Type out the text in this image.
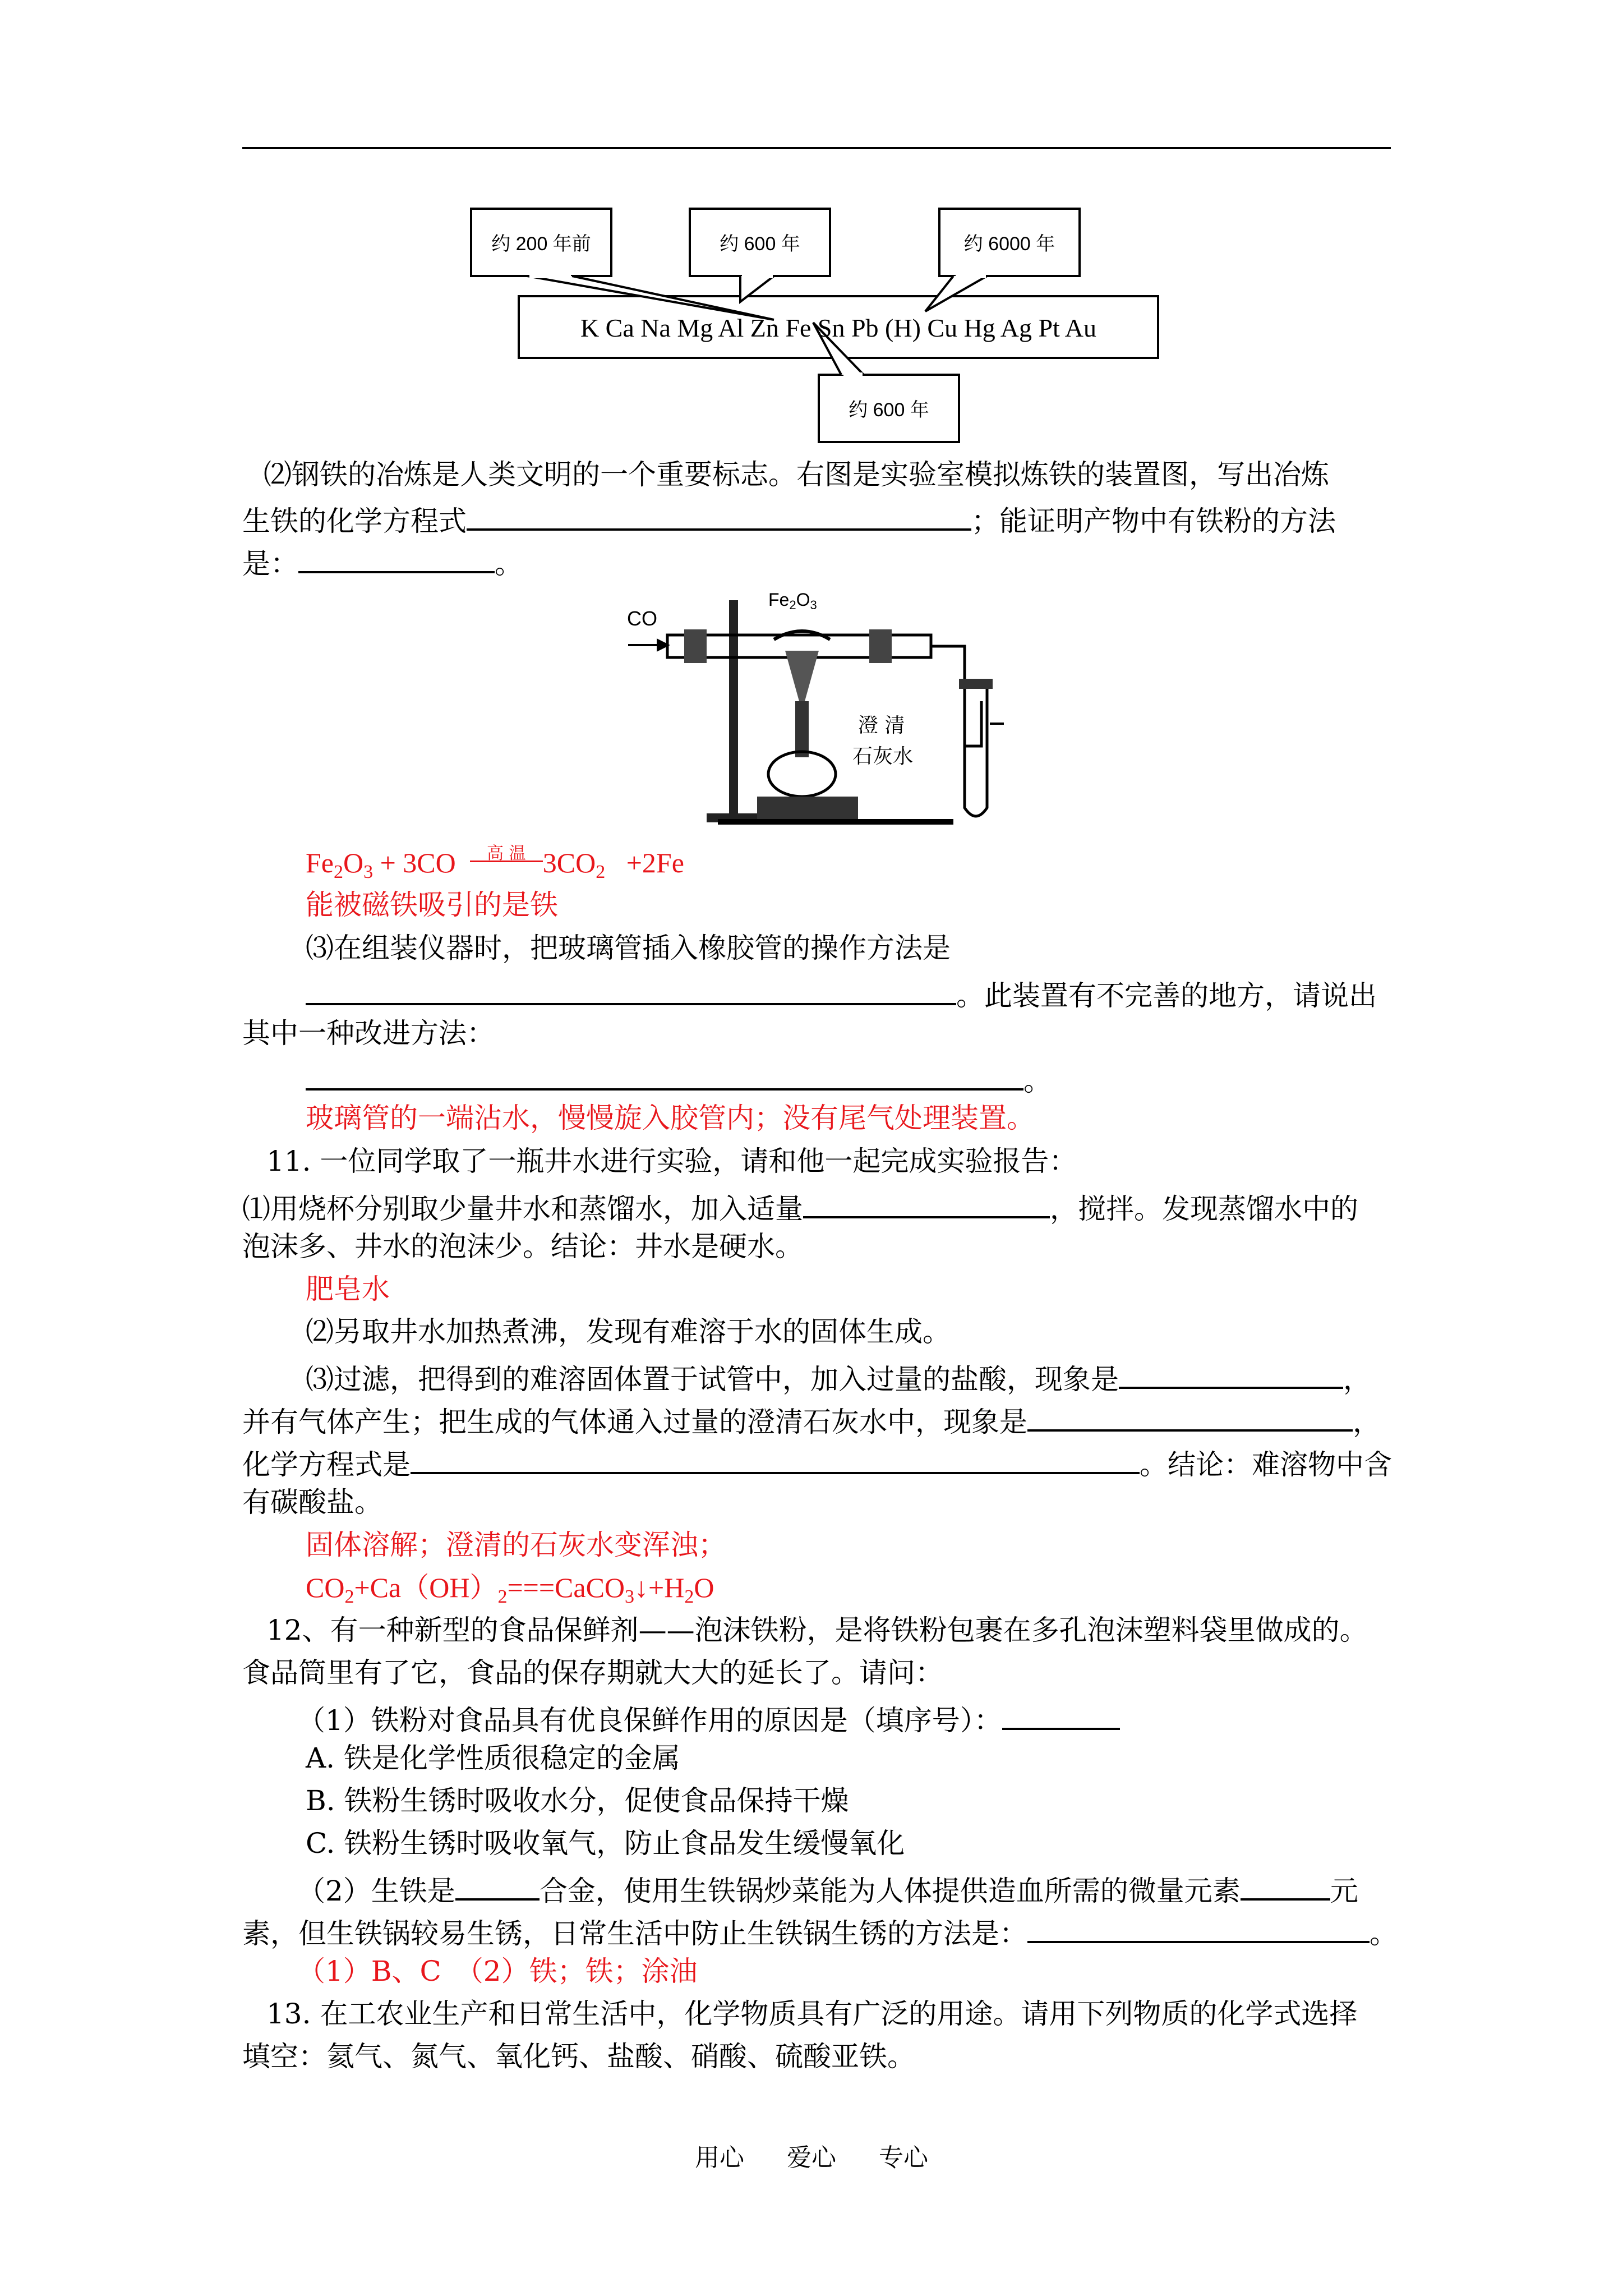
约 200 年前	约 600 年	约 6000 年
K Ca Na Mg Al Zn Fe Sn Pb (H) Cu Hg Ag Pt Au
约 600 年
⑵钢铁的冶炼是人类文明的一个重要标志。右图是实验室模拟炼铁的装置图，写出冶炼
生铁的化学方程式	；能证明产物中有铁粉的方法
是：	。
CO
Fe2O3
澄 清
石灰水
$Fe_2O_3 + 3CO$	高 温 $3CO_2 +2Fe$
能被磁铁吸引的是铁
⑶在组装仪器时，把玻璃管插入橡胶管的操作方法是
。此装置有不完善的地方，请说出
其中一种改进方法：
。
玻璃管的一端沾水，慢慢旋入胶管内；没有尾气处理装置。
11. 一位同学取了一瓶井水进行实验，请和他一起完成实验报告：
⑴用烧杯分别取少量井水和蒸馏水，加入适量	，搅拌。发现蒸馏水中的
泡沫多、井水的泡沫少。结论：井水是硬水。
肥皂水
⑵另取井水加热煮沸，发现有难溶于水的固体生成。
⑶过滤，把得到的难溶固体置于试管中，加入过量的盐酸，现象是	，
并有气体产生；把生成的气体通入过量的澄清石灰水中，现象是	，
化学方程式是	。结论：难溶物中含
有碳酸盐。
固体溶解；澄清的石灰水变浑浊；
$CO_2+Ca(OH)_2===CaCO_3↓+H_2O$
12、有一种新型的食品保鲜剂——泡沫铁粉，是将铁粉包裹在多孔泡沫塑料袋里做成的。
食品筒里有了它，食品的保存期就大大的延长了。请问：
（1）铁粉对食品具有优良保鲜作用的原因是（填序号）：
A. 铁是化学性质很稳定的金属
B. 铁粉生锈时吸收水分，促使食品保持干燥
C. 铁粉生锈时吸收氧气，防止食品发生缓慢氧化
（2）生铁是	合金，使用生铁锅炒菜能为人体提供造血所需的微量元素	元
素，但生铁锅较易生锈，日常生活中防止生铁锅生锈的方法是：	。
（1）B、C　（2）铁；铁；涂油
13. 在工农业生产和日常生活中，化学物质具有广泛的用途。请用下列物质的化学式选择
填空：氦气、氮气、氧化钙、盐酸、硝酸、硫酸亚铁。
用心 爱心 专心
